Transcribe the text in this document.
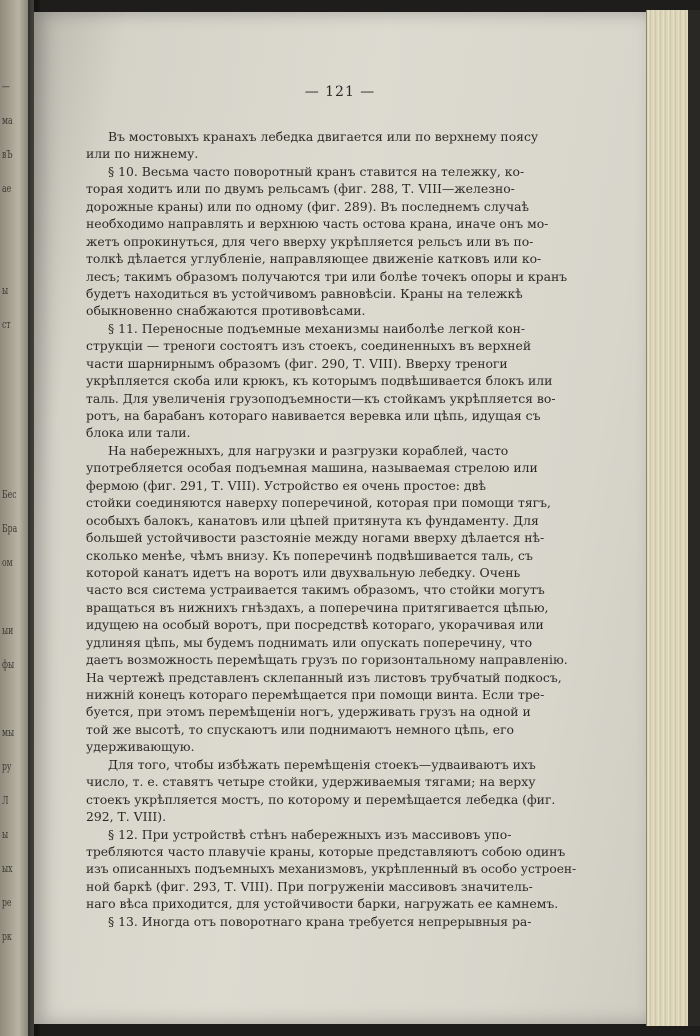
—
ма
вЪ
ае
ы
ст
Бес
Бра
ом
ыи
фы
мы
ру
Л
ы
ых
ре
рк
— 121 —
Въ мостовыхъ кранахъ лебедка двигается или по верхнему поясу
или по нижнему.
§ 10. Весьма часто поворотный кранъ ставится на тележку, ко-
торая ходитъ или по двумъ рельсамъ (фиг. 288, Т. VIII—железно-
дорожные краны) или по одному (фиг. 289). Въ последнемъ случаѣ
необходимо направлять и верхнюю часть остова крана, иначе онъ мо-
жетъ опрокинуться, для чего вверху укрѣпляется рельсъ или въ по-
толкѣ дѣлается углубленіе, направляющее движеніе катковъ или ко-
лесъ; такимъ образомъ получаются три или болѣе точекъ опоры и кранъ
будетъ находиться въ устойчивомъ равновѣсіи. Краны на тележкѣ
обыкновенно снабжаются противовѣсами.
§ 11. Переносные подъемные механизмы наиболѣе легкой кон-
струкціи — треноги состоятъ изъ стоекъ, соединенныхъ въ верхней
части шарнирнымъ образомъ (фиг. 290, Т. VIII). Вверху треноги
укрѣпляется скоба или крюкъ, къ которымъ подвѣшивается блокъ или
таль. Для увеличенія грузоподъемности—къ стойкамъ укрѣпляется во-
ротъ, на барабанъ котораго навивается веревка или цѣпь, идущая съ
блока или тали.
На набережныхъ, для нагрузки и разгрузки кораблей, часто
употребляется особая подъемная машина, называемая стрелою или
фермою (фиг. 291, Т. VIII). Устройство ея очень простое: двѣ
стойки соединяются наверху поперечиной, которая при помощи тягъ,
особыхъ балокъ, канатовъ или цѣпей притянута къ фундаменту. Для
большей устойчивости разстояніе между ногами вверху дѣлается нѣ-
сколько менѣе, чѣмъ внизу. Къ поперечинѣ подвѣшивается таль, съ
которой канатъ идетъ на воротъ или двухвальную лебедку. Очень
часто вся система устраивается такимъ образомъ, что стойки могутъ
вращаться въ нижнихъ гнѣздахъ, а поперечина притягивается цѣпью,
идущею на особый воротъ, при посредствѣ котораго, укорачивая или
удлиняя цѣпь, мы будемъ поднимать или опускать поперечину, что
даетъ возможность перемѣщать грузъ по горизонтальному направленію.
На чертежѣ представленъ склепанный изъ листовъ трубчатый подкосъ,
нижній конецъ котораго перемѣщается при помощи винта. Если тре-
буется, при этомъ перемѣщеніи ногъ, удерживать грузъ на одной и
той же высотѣ, то спускаютъ или поднимаютъ немного цѣпь, его
удерживающую.
Для того, чтобы избѣжать перемѣщенія стоекъ—удваиваютъ ихъ
число, т. е. ставятъ четыре стойки, удерживаемыя тягами; на верху
стоекъ укрѣпляется мостъ, по которому и перемѣщается лебедка (фиг.
292, Т. VIII).
§ 12. При устройствѣ стѣнъ набережныхъ изъ массивовъ упо-
требляются часто плавучіе краны, которые представляютъ собою одинъ
изъ описанныхъ подъемныхъ механизмовъ, укрѣпленный въ особо устроен-
ной баркѣ (фиг. 293, Т. VIII). При погруженіи массивовъ значитель-
наго вѣса приходится, для устойчивости барки, нагружать ее камнемъ.
§ 13. Иногда отъ поворотнаго крана требуется непрерывныя ра-
